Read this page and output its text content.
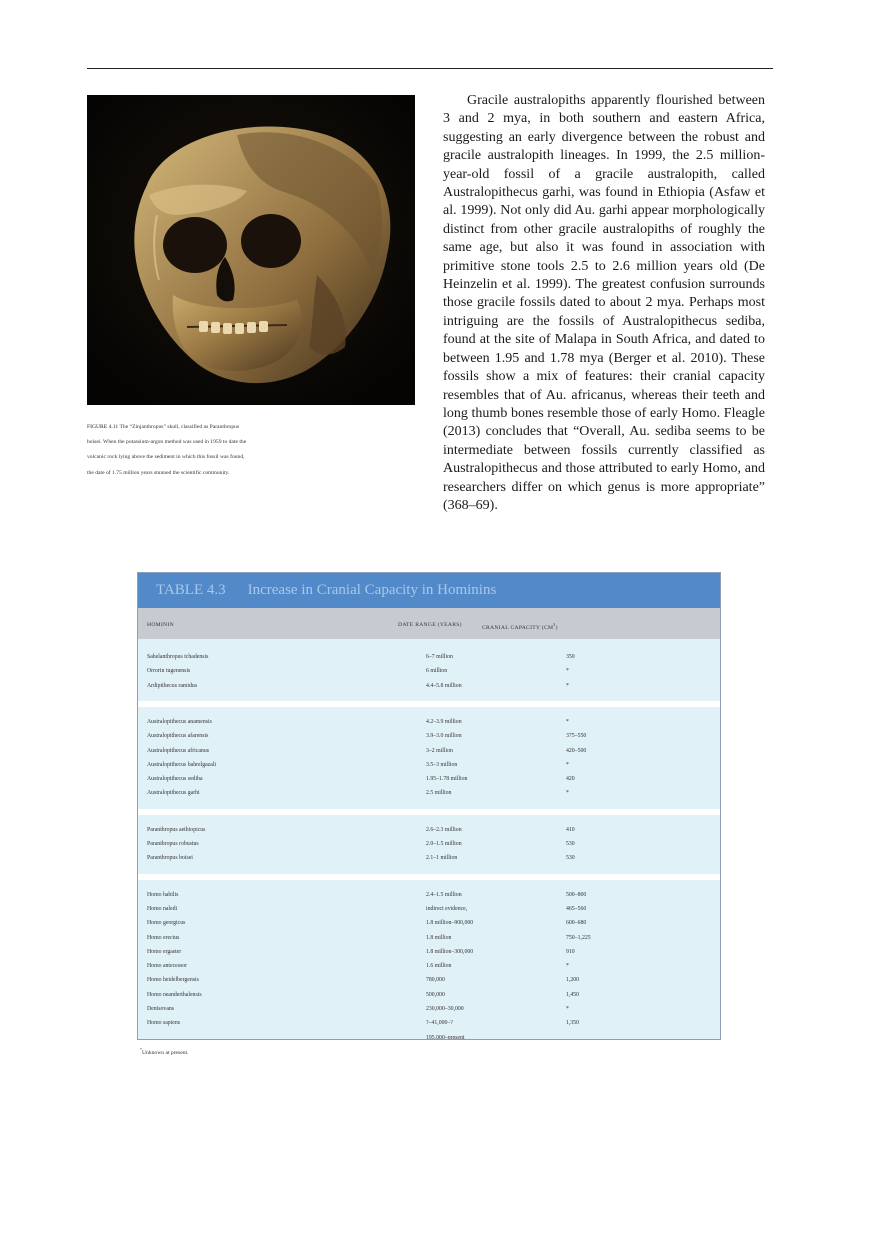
FIGURE 4.11 The “Zinjanthropus” skull, classified as Paranthropus boisei. When the potassium-argon method was used in 1959 to date the volcanic rock lying above the sediment in which this fossil was found, the date of 1.75 million years stunned the scientific community.

Gracile australopiths apparently flourished between 3 and 2 mya, in both southern and eastern Africa, suggesting an early divergence between the robust and gracile australopith lineages. In 1999, the 2.5 million-year-old fossil of a gracile australopith, called Australopithecus garhi, was found in Ethiopia (Asfaw et al. 1999). Not only did Au. garhi appear morphologically distinct from other gracile australopiths of roughly the same age, but also it was found in association with primitive stone tools 2.5 to 2.6 million years old (De Heinzelin et al. 1999). The greatest confusion surrounds those gracile fossils dated to about 2 mya. Perhaps most intriguing are the fossils of Australopithecus sediba, found at the site of Malapa in South Africa, and dated to between 1.95 and 1.78 mya (Berger et al. 2010). These fossils show a mix of features: their cranial capacity resembles that of Au. africanus, whereas their teeth and long thumb bones resemble those of early Homo. Fleagle (2013) concludes that “Overall, Au. sediba seems to be intermediate between fossils currently classified as Australopithecus and those attributed to early Homo, and researchers differ on which genus is more appropriate” (368–69).

TABLE 4.3 Increase in Cranial Capacity in Hominins
HOMININ	DATE RANGE (YEARS)	CRANIAL CAPACITY $(CM^3)$
Sahelanthropus tchadensis	6–7 million	350
Orrorin tugenensis	6 million	*
Ardipithecus ramidus	4.4–5.8 million	*
Australopithecus anamensis	4.2–3.9 million	*
Australopithecus afarensis	3.9–3.0 million	375–550
Australopithecus africanus	3–2 million	420–500
Australopithecus bahrelgazali	3.5–3 million	*
Australopithecus sediba	1.95–1.78 million	420
Australopithecus garhi	2.5 million	*
Paranthropus aethiopicus	2.6–2.3 million	410
Paranthropus robustus	2.0–1.5 million	530
Paranthropus boisei	2.1–1 million	530
Homo habilis	2.4–1.5 million	500–800
Homo naledi	indirect evidence,	465–560
Homo georgicus	1.8 million–900,000	600–680
Homo erectus	1.8 million	750–1,225
Homo ergaster	1.8 million–300,000	910
Homo antecessor	1.6 million	*
Homo heidelbergensis	780,000	1,200
Homo neanderthalensis	500,000	1,450
Denisovans	230,000–30,000	*
Homo sapiens	?–41,000–?	1,350
195,000–present
*Unknown at present.
